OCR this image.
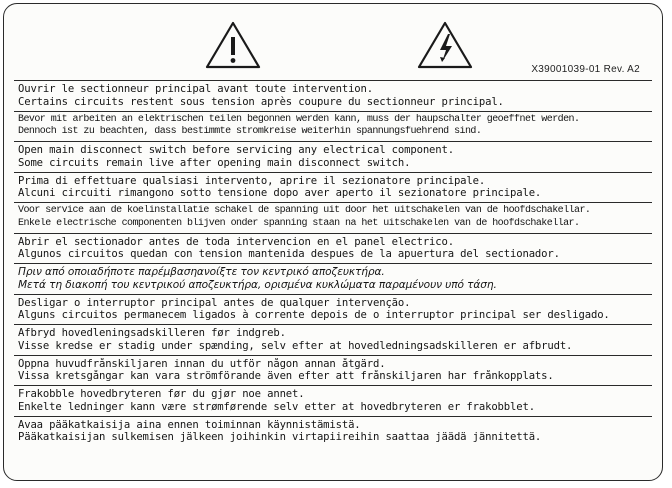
X39001039-01 Rev. A2
Ouvrir le sectionneur principal avant toute intervention.
Certains circuits restent sous tension après coupure du sectionneur principal.
Bevor mit arbeiten an elektrischen teilen begonnen werden kann, muss der haupschalter geoeffnet werden.
Dennoch ist zu beachten, dass bestimmte stromkreise weiterhin spannungsfuehrend sind.
Open main disconnect switch before servicing any electrical component.
Some circuits remain live after opening main disconnect switch.
Prima di effettuare qualsiasi intervento, aprire il sezionatore principale.
Alcuni circuiti rimangono sotto tensione dopo aver aperto il sezionatore principale.
Voor service aan de koelinstallatie schakel de spanning uit door het uitschakelen van de hoofdschakellar.
Enkele electrische componenten blijven onder spanning staan na het uitschakelen van de hoofdschakellar.
Abrir el sectionador antes de toda intervencion en el panel electrico.
Algunos circuitos quedan con tension mantenida despues de la apuertura del sectionador.
Πριν από οποιαδήποτε παρέμβασηανοίξτε τον κεντρικό αποζευκτήρα.
Μετά τη διακοπή του κεντρικού αποζευκτήρα, ορισμένα κυκλώματα παραμένουν υπό τάση.
Desligar o interruptor principal antes de qualquer intervenção.
Alguns circuitos permanecem ligados à corrente depois de o interruptor principal ser desligado.
Afbryd hovedleningsadskilleren før indgreb.
Visse kredse er stadig under spænding, selv efter at hovedledningsadskilleren er afbrudt.
Öppna huvudfrånskiljaren innan du utför någon annan åtgärd.
Vissa kretsgångar kan vara strömförande även efter att frånskiljaren har frånkopplats.
Frakobble hovedbryteren før du gjør noe annet.
Enkelte ledninger kann være strømførende selv etter at hovedbryteren er frakobblet.
Avaa pääkatkaisija aina ennen toiminnan käynnistämistä.
Pääkatkaisijan sulkemisen jälkeen joihinkin virtapiireihin saattaa jäädä jännitettä.
